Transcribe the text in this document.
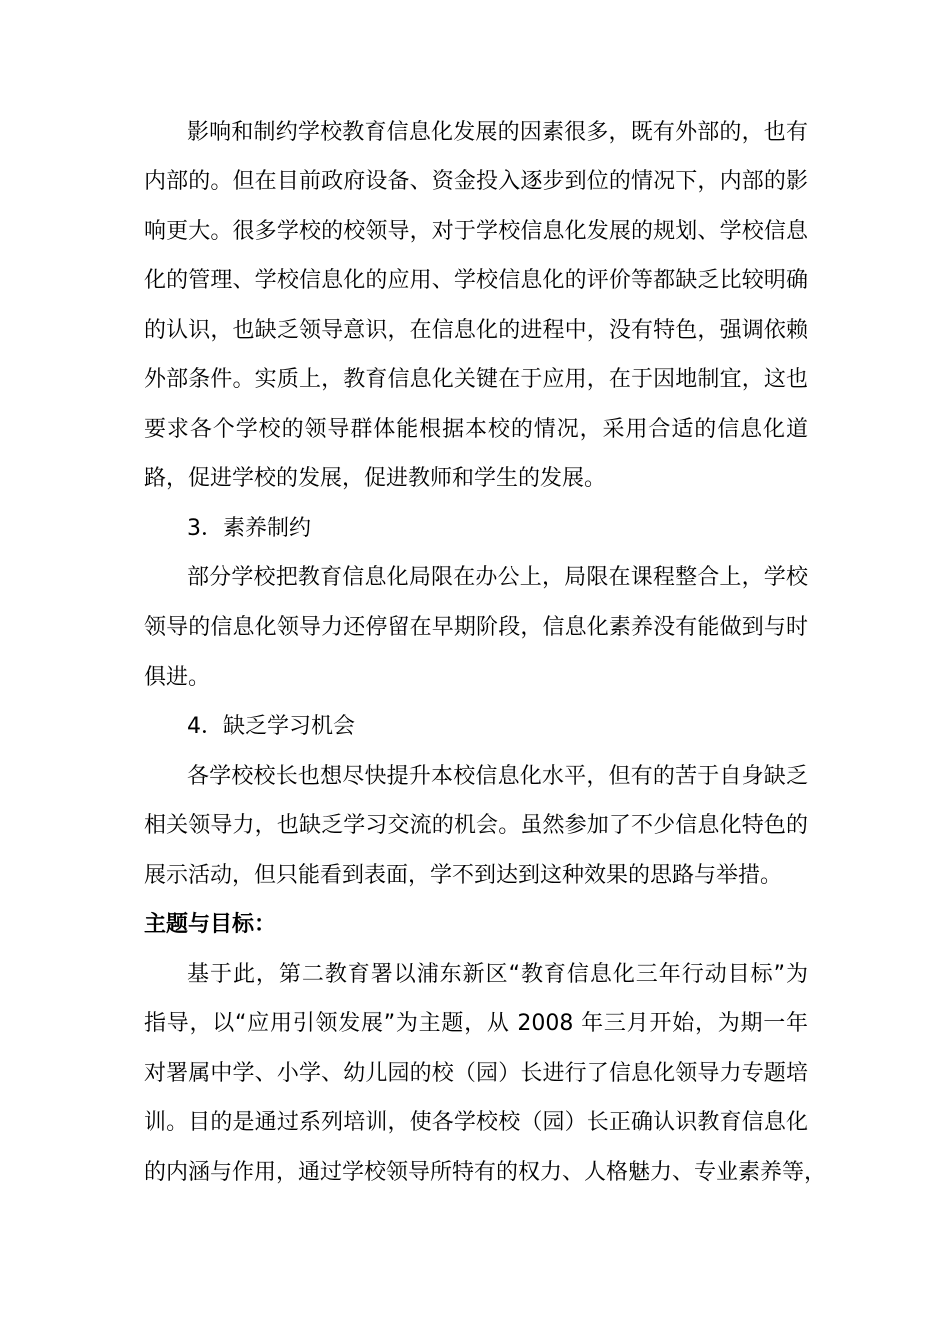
影响和制约学校教育信息化发展的因素很多，既有外部的，也有
内部的。但在目前政府设备、资金投入逐步到位的情况下，内部的影
响更大。很多学校的校领导，对于学校信息化发展的规划、学校信息
化的管理、学校信息化的应用、学校信息化的评价等都缺乏比较明确
的认识，也缺乏领导意识，在信息化的进程中，没有特色，强调依赖
外部条件。实质上，教育信息化关键在于应用，在于因地制宜，这也
要求各个学校的领导群体能根据本校的情况，采用合适的信息化道
路，促进学校的发展，促进教师和学生的发展。
3．素养制约
部分学校把教育信息化局限在办公上，局限在课程整合上，学校
领导的信息化领导力还停留在早期阶段，信息化素养没有能做到与时
俱进。
4．缺乏学习机会
各学校校长也想尽快提升本校信息化水平，但有的苦于自身缺乏
相关领导力，也缺乏学习交流的机会。虽然参加了不少信息化特色的
展示活动，但只能看到表面，学不到达到这种效果的思路与举措。
主题与目标：
基于此，第二教育署以浦东新区“教育信息化三年行动目标”为
指导，以“应用引领发展”为主题，从 2008 年三月开始，为期一年
对署属中学、小学、幼儿园的校（园）长进行了信息化领导力专题培
训。目的是通过系列培训，使各学校校（园）长正确认识教育信息化
的内涵与作用，通过学校领导所特有的权力、人格魅力、专业素养等，
